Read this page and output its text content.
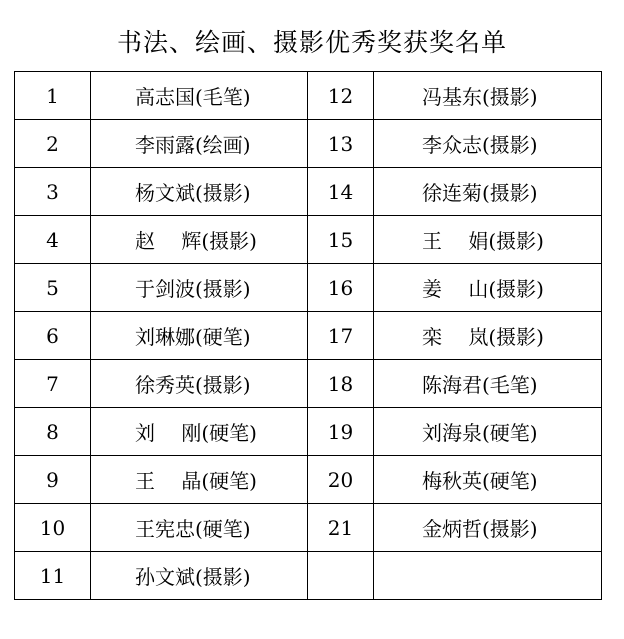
书法、绘画、摄影优秀奖获奖名单
1	高志国(毛笔)	12	冯基东(摄影)
2	李雨露(绘画)	13	李众志(摄影)
3	杨文斌(摄影)	14	徐连菊(摄影)
4	赵　 辉(摄影)	15	王　 娟(摄影)
5	于剑波(摄影)	16	姜　 山(摄影)
6	刘琳娜(硬笔)	17	栾　 岚(摄影)
7	徐秀英(摄影)	18	陈海君(毛笔)
8	刘　 刚(硬笔)	19	刘海泉(硬笔)
9	王　 晶(硬笔)	20	梅秋英(硬笔)
10	王宪忠(硬笔)	21	金炳哲(摄影)
11	孙文斌(摄影)		
